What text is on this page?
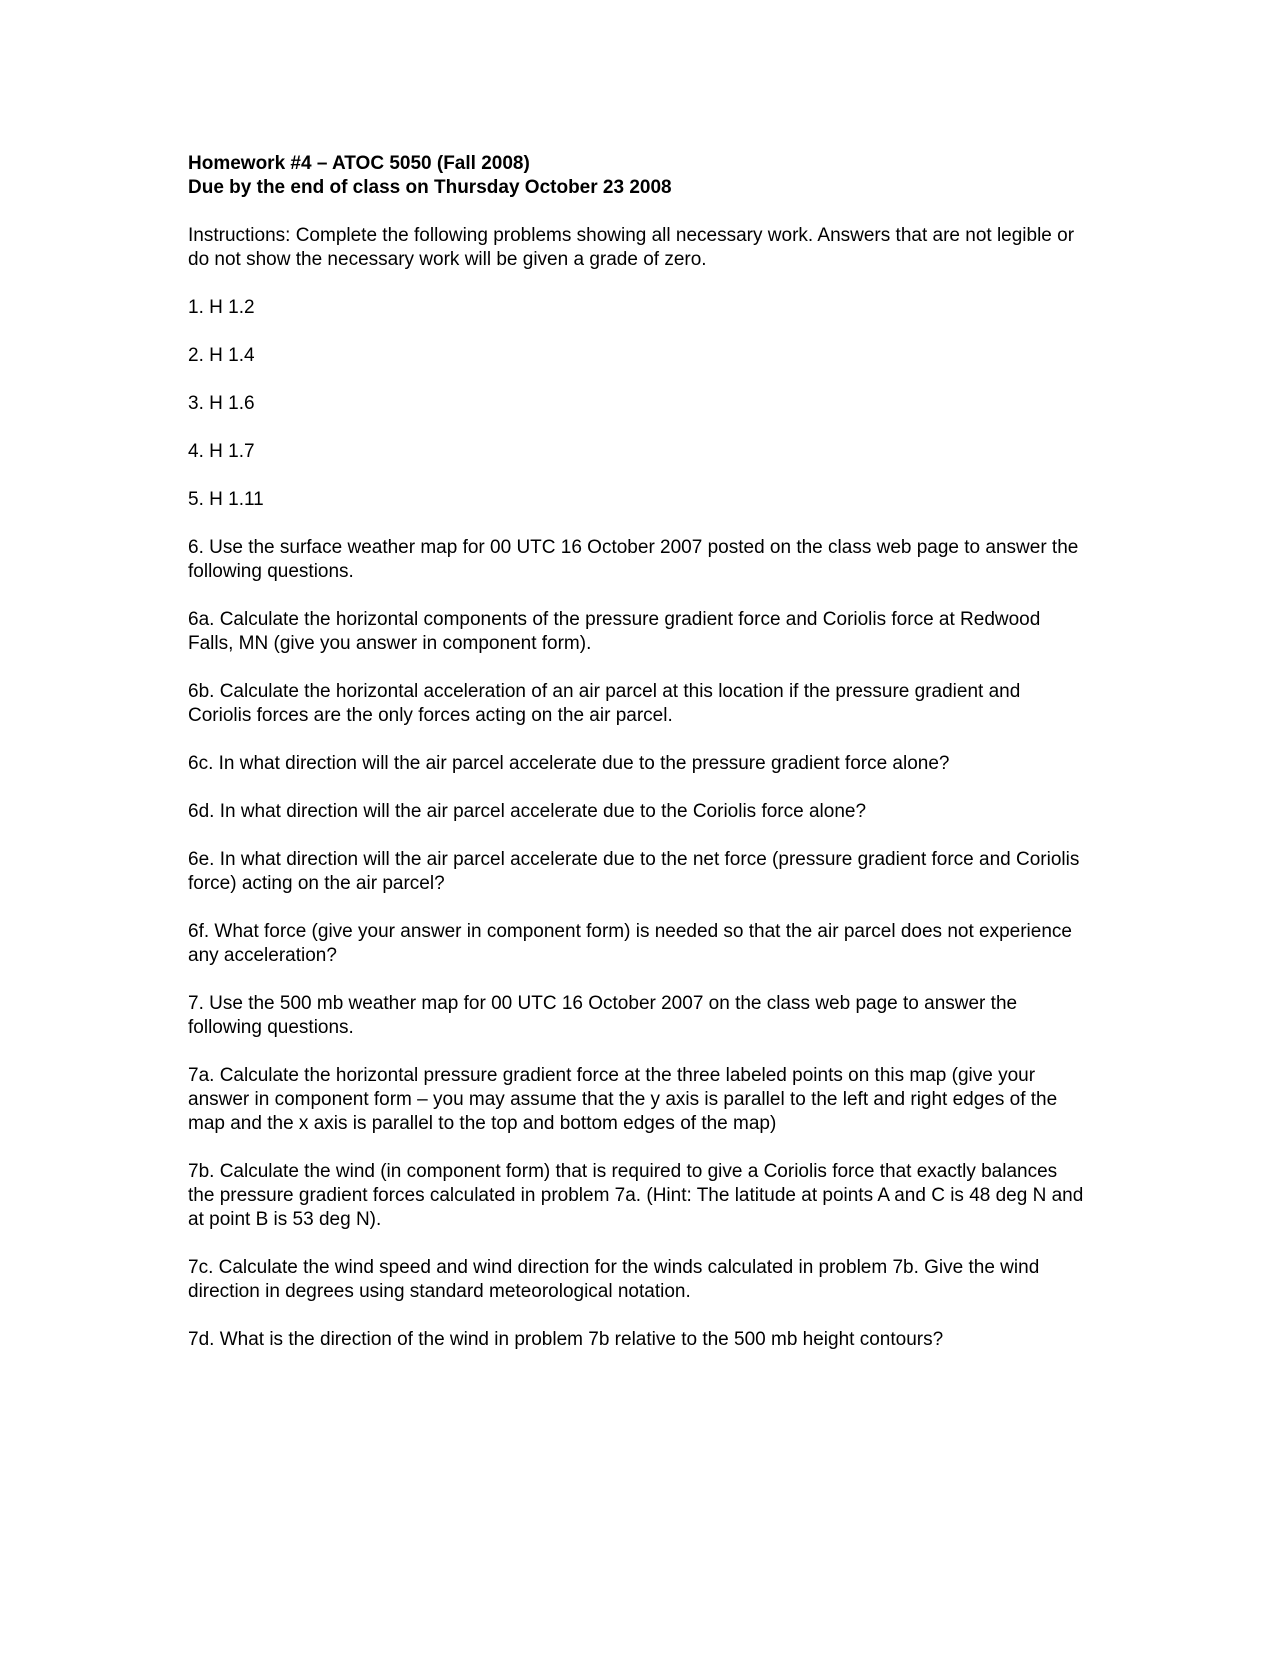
Homework #4 – ATOC 5050 (Fall 2008)

Due by the end of class on Thursday October 23 2008

Instructions: Complete the following problems showing all necessary work. Answers that are not legible or do not show the necessary work will be given a grade of zero.

1. H 1.2

2. H 1.4

3. H 1.6

4. H 1.7

5. H 1.11

6. Use the surface weather map for 00 UTC 16 October 2007 posted on the class web page to answer the following questions.

6a. Calculate the horizontal components of the pressure gradient force and Coriolis force at Redwood Falls, MN (give you answer in component form).

6b. Calculate the horizontal acceleration of an air parcel at this location if the pressure gradient and Coriolis forces are the only forces acting on the air parcel.

6c. In what direction will the air parcel accelerate due to the pressure gradient force alone?

6d. In what direction will the air parcel accelerate due to the Coriolis force alone?

6e. In what direction will the air parcel accelerate due to the net force (pressure gradient force and Coriolis force) acting on the air parcel?

6f. What force (give your answer in component form) is needed so that the air parcel does not experience any acceleration?

7. Use the 500 mb weather map for 00 UTC 16 October 2007 on the class web page to answer the following questions.

7a. Calculate the horizontal pressure gradient force at the three labeled points on this map (give your answer in component form – you may assume that the y axis is parallel to the left and right edges of the map and the x axis is parallel to the top and bottom edges of the map)

7b. Calculate the wind (in component form) that is required to give a Coriolis force that exactly balances the pressure gradient forces calculated in problem 7a. (Hint: The latitude at points A and C is 48 deg N and at point B is 53 deg N).

7c. Calculate the wind speed and wind direction for the winds calculated in problem 7b. Give the wind direction in degrees using standard meteorological notation.

7d. What is the direction of the wind in problem 7b relative to the 500 mb height contours?
